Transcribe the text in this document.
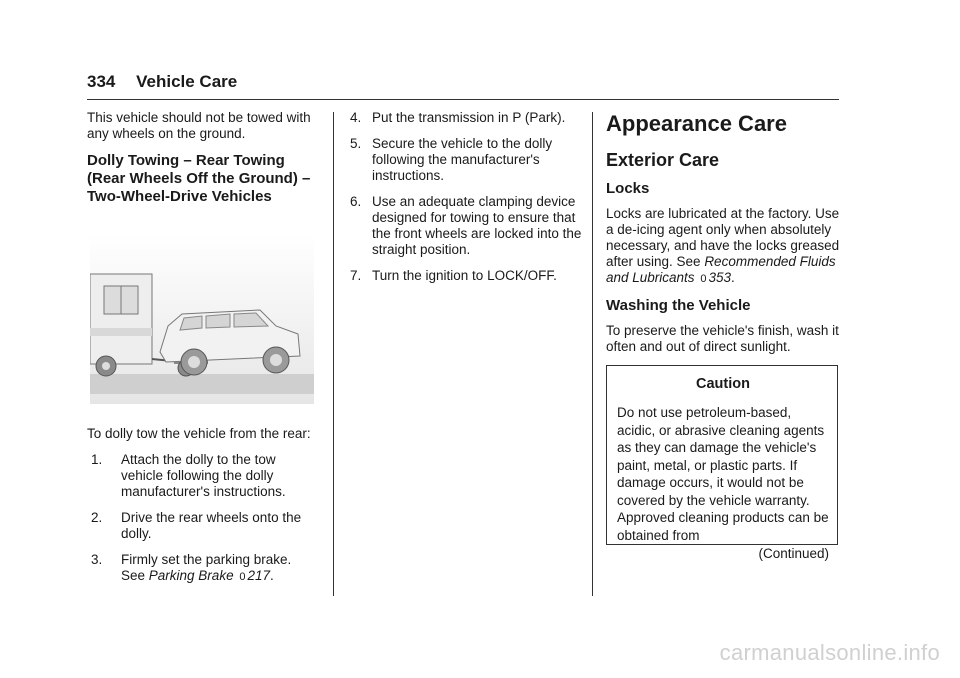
334 Vehicle Care

This vehicle should not be towed with any wheels on the ground.

Dolly Towing – Rear Towing (Rear Wheels Off the Ground) – Two-Wheel-Drive Vehicles

To dolly tow the vehicle from the rear:

1.	Attach the dolly to the tow vehicle following the dolly manufacturer's instructions.
2.	Drive the rear wheels onto the dolly.
3.	Firmly set the parking brake. See Parking Brake 0 217.
4. Put the transmission in P (Park).
5. Secure the vehicle to the dolly following the manufacturer's instructions.
6. Use an adequate clamping device designed for towing to ensure that the front wheels are locked into the straight position.
7. Turn the ignition to LOCK/OFF.
Appearance Care
Exterior Care
Locks

Locks are lubricated at the factory. Use a de-icing agent only when absolutely necessary, and have the locks greased after using. See Recommended Fluids and Lubricants 0 353.

Washing the Vehicle

To preserve the vehicle's finish, wash it often and out of direct sunlight.

Caution
Do not use petroleum-based, acidic, or abrasive cleaning agents as they can damage the vehicle's paint, metal, or plastic parts. If damage occurs, it would not be covered by the vehicle warranty. Approved cleaning products can be obtained from
(Continued)
carmanualsonline.info
